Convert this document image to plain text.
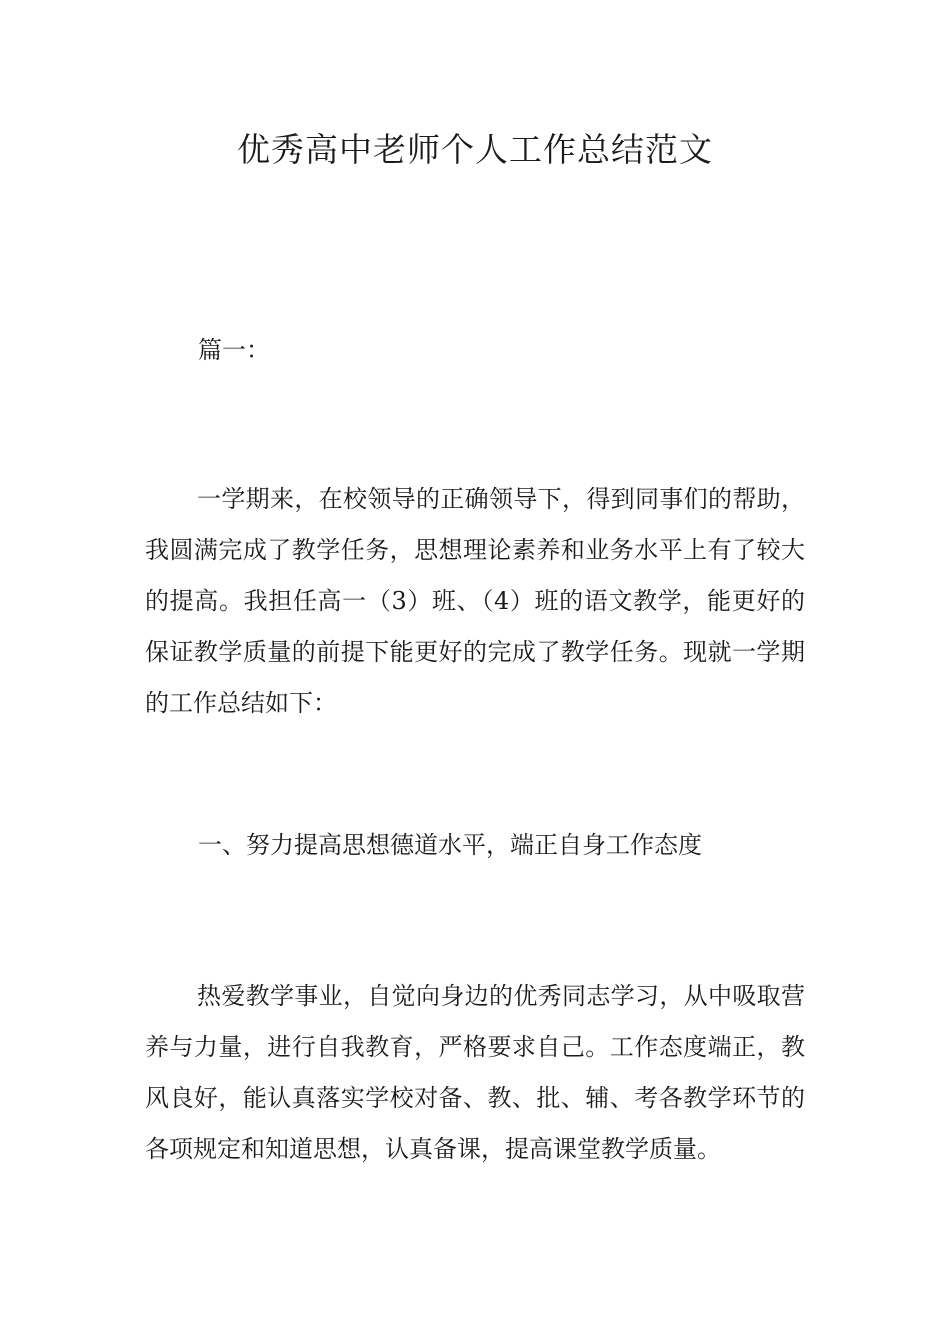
优秀高中老师个人工作总结范文

篇一：

一学期来，在校领导的正确领导下，得到同事们的帮助，我圆满完成了教学任务，思想理论素养和业务水平上有了较大的提高。我担任高一（3）班、（4）班的语文教学，能更好的保证教学质量的前提下能更好的完成了教学任务。现就一学期的工作总结如下：

一、努力提高思想德道水平，端正自身工作态度

热爱教学事业，自觉向身边的优秀同志学习，从中吸取营养与力量，进行自我教育，严格要求自己。工作态度端正，教风良好，能认真落实学校对备、教、批、辅、考各教学环节的各项规定和知道思想，认真备课，提高课堂教学质量。
